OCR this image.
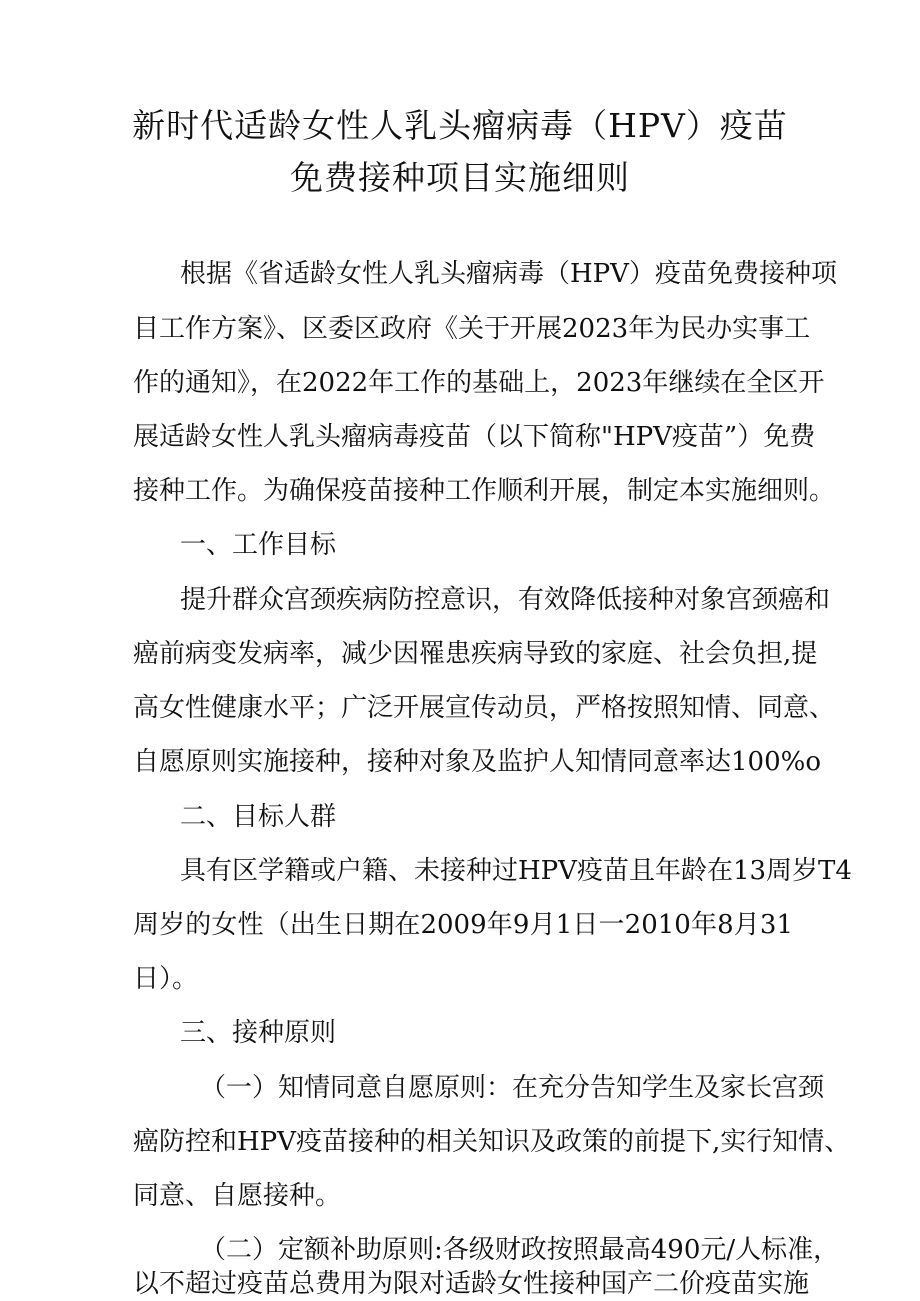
新时代适龄女性人乳头瘤病毒（HPV）疫苗
免费接种项目实施细则
根据《省适龄女性人乳头瘤病毒（HPV）疫苗免费接种项
目工作方案》、区委区政府《关于开展2023年为民办实事工
作的通知》，在2022年工作的基础上，2023年继续在全区开
展适龄女性人乳头瘤病毒疫苗（以下简称"HPV疫苗”）免费
接种工作。为确保疫苗接种工作顺利开展，制定本实施细则。
一、工作目标
提升群众宫颈疾病防控意识，有效降低接种对象宫颈癌和
癌前病变发病率，减少因罹患疾病导致的家庭、社会负担,提
高女性健康水平；广泛开展宣传动员，严格按照知情、同意、
自愿原则实施接种，接种对象及监护人知情同意率达100%o
二、目标人群
具有区学籍或户籍、未接种过HPV疫苗且年龄在13周岁T4
周岁的女性（出生日期在2009年9月1日一2010年8月31
日）。
三、接种原则
（一）知情同意自愿原则：在充分告知学生及家长宫颈
癌防控和HPV疫苗接种的相关知识及政策的前提下,实行知情、
同意、自愿接种。
（二）定额补助原则:各级财政按照最高490元/人标准，
以不超过疫苗总费用为限对适龄女性接种国产二价疫苗实施
